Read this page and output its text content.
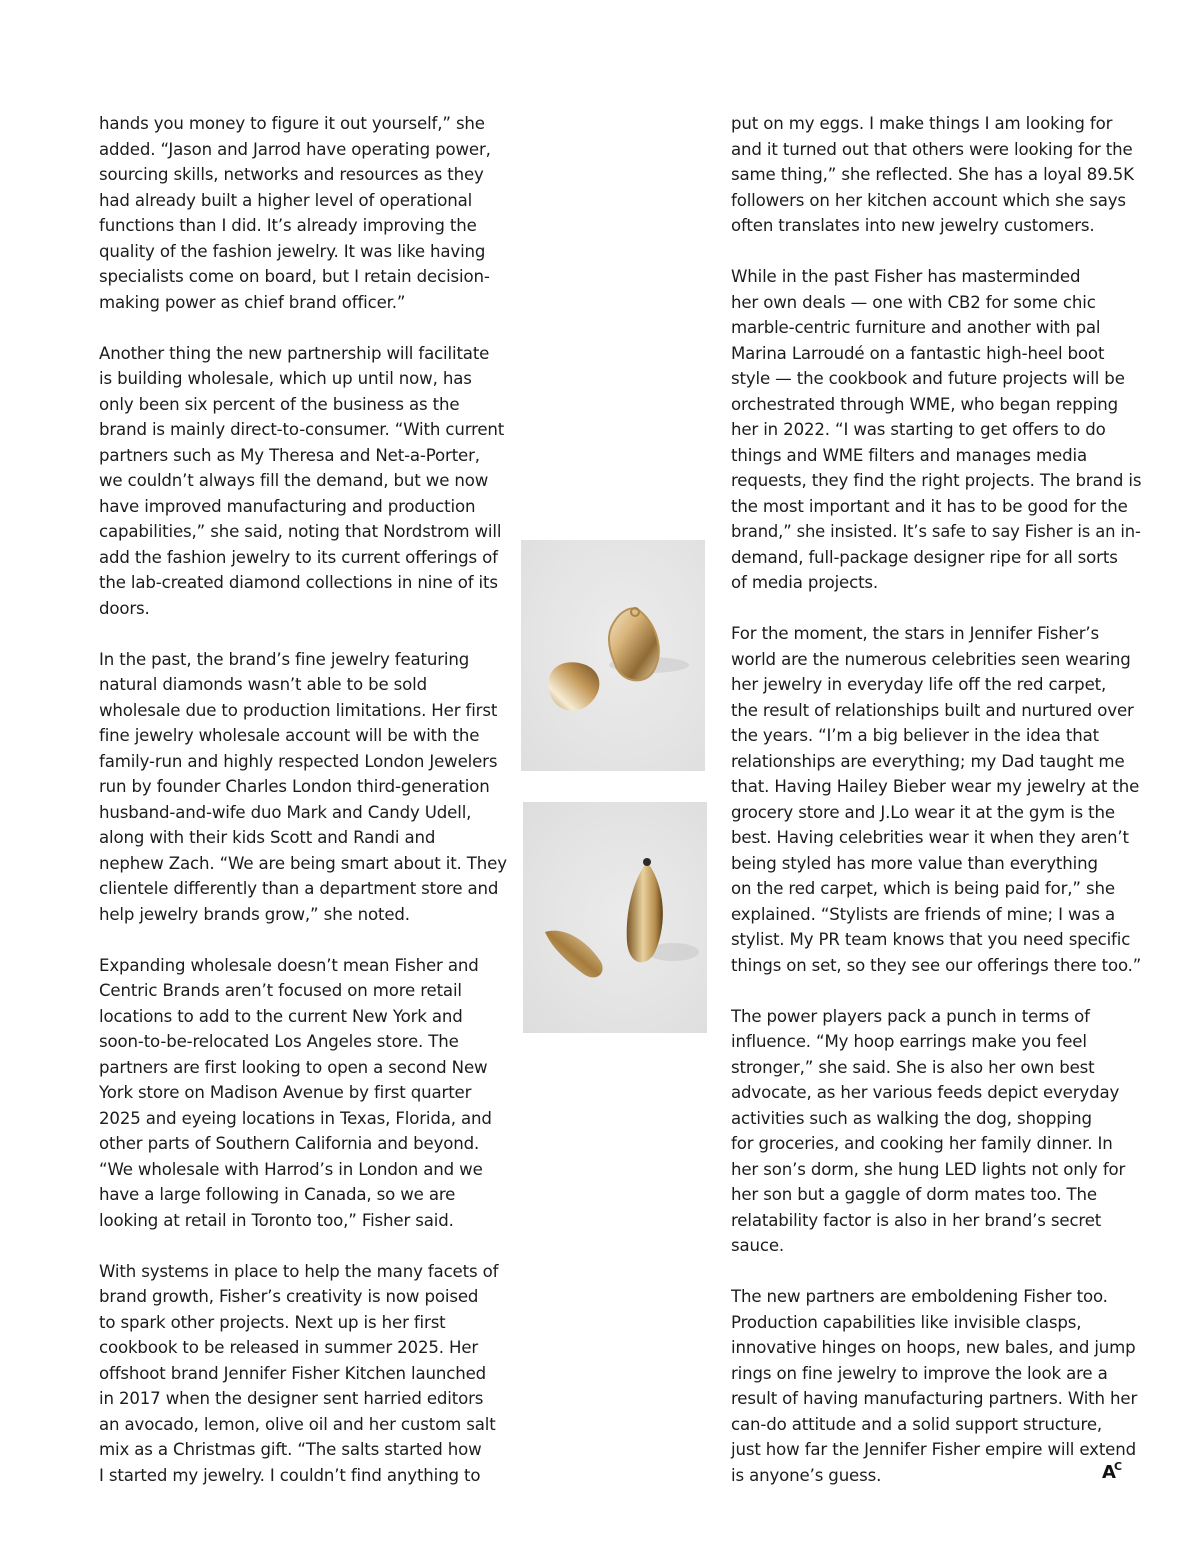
hands you money to figure it out yourself,” she
added. “Jason and Jarrod have operating power,
sourcing skills, networks and resources as they
had already built a higher level of operational
functions than I did. It’s already improving the
quality of the fashion jewelry. It was like having
specialists come on board, but I retain decision-
making power as chief brand officer.”
Another thing the new partnership will facilitate
is building wholesale, which up until now, has
only been six percent of the business as the
brand is mainly direct-to-consumer. “With current
partners such as My Theresa and Net-a-Porter,
we couldn’t always fill the demand, but we now
have improved manufacturing and production
capabilities,” she said, noting that Nordstrom will
add the fashion jewelry to its current offerings of
the lab-created diamond collections in nine of its
doors.
In the past, the brand’s fine jewelry featuring
natural diamonds wasn’t able to be sold
wholesale due to production limitations. Her first
fine jewelry wholesale account will be with the
family-run and highly respected London Jewelers
run by founder Charles London third-generation
husband-and-wife duo Mark and Candy Udell,
along with their kids Scott and Randi and
nephew Zach. “We are being smart about it. They
clientele differently than a department store and
help jewelry brands grow,” she noted.
Expanding wholesale doesn’t mean Fisher and
Centric Brands aren’t focused on more retail
locations to add to the current New York and
soon-to-be-relocated Los Angeles store. The
partners are first looking to open a second New
York store on Madison Avenue by first quarter
2025 and eyeing locations in Texas, Florida, and
other parts of Southern California and beyond.
“We wholesale with Harrod’s in London and we
have a large following in Canada, so we are
looking at retail in Toronto too,” Fisher said.
With systems in place to help the many facets of
brand growth, Fisher’s creativity is now poised
to spark other projects. Next up is her first
cookbook to be released in summer 2025. Her
offshoot brand Jennifer Fisher Kitchen launched
in 2017 when the designer sent harried editors
an avocado, lemon, olive oil and her custom salt
mix as a Christmas gift. “The salts started how
I started my jewelry. I couldn’t find anything to
put on my eggs. I make things I am looking for
and it turned out that others were looking for the
same thing,” she reflected. She has a loyal 89.5K
followers on her kitchen account which she says
often translates into new jewelry customers.
While in the past Fisher has masterminded
her own deals — one with CB2 for some chic
marble-centric furniture and another with pal
Marina Larroudé on a fantastic high-heel boot
style — the cookbook and future projects will be
orchestrated through WME, who began repping
her in 2022. “I was starting to get offers to do
things and WME filters and manages media
requests, they find the right projects. The brand is
the most important and it has to be good for the
brand,” she insisted. It’s safe to say Fisher is an in-
demand, full-package designer ripe for all sorts
of media projects.
For the moment, the stars in Jennifer Fisher’s
world are the numerous celebrities seen wearing
her jewelry in everyday life off the red carpet,
the result of relationships built and nurtured over
the years. “I’m a big believer in the idea that
relationships are everything; my Dad taught me
that. Having Hailey Bieber wear my jewelry at the
grocery store and J.Lo wear it at the gym is the
best. Having celebrities wear it when they aren’t
being styled has more value than everything
on the red carpet, which is being paid for,” she
explained. “Stylists are friends of mine; I was a
stylist. My PR team knows that you need specific
things on set, so they see our offerings there too.”
The power players pack a punch in terms of
influence. “My hoop earrings make you feel
stronger,” she said. She is also her own best
advocate, as her various feeds depict everyday
activities such as walking the dog, shopping
for groceries, and cooking her family dinner. In
her son’s dorm, she hung LED lights not only for
her son but a gaggle of dorm mates too. The
relatability factor is also in her brand’s secret
sauce.
The new partners are emboldening Fisher too.
Production capabilities like invisible clasps,
innovative hinges on hoops, new bales, and jump
rings on fine jewelry to improve the look are a
result of having manufacturing partners. With her
can-do attitude and a solid support structure,
just how far the Jennifer Fisher empire will extend
is anyone’s guess.	A
C
